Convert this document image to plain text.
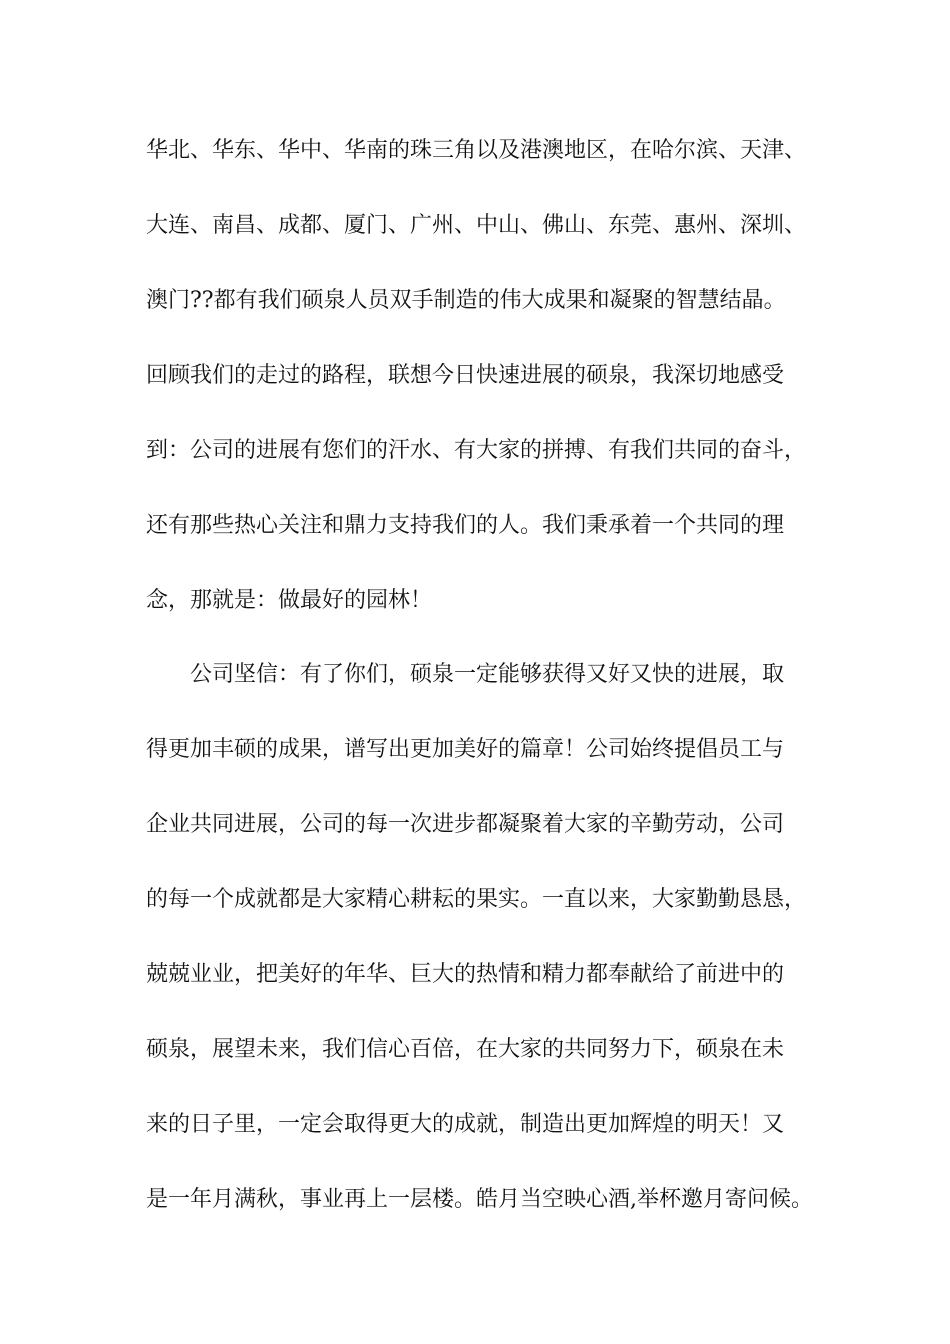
华北、华东、华中、华南的珠三角以及港澳地区，在哈尔滨、天津、
大连、南昌、成都、厦门、广州、中山、佛山、东莞、惠州、深圳、
澳门??都有我们硕泉人员双手制造的伟大成果和凝聚的智慧结晶。
回顾我们的走过的路程，联想今日快速进展的硕泉，我深切地感受
到：公司的进展有您们的汗水、有大家的拼搏、有我们共同的奋斗，
还有那些热心关注和鼎力支持我们的人。我们秉承着一个共同的理
念，那就是：做最好的园林！
公司坚信：有了你们，硕泉一定能够获得又好又快的进展，取
得更加丰硕的成果，谱写出更加美好的篇章！公司始终提倡员工与
企业共同进展，公司的每一次进步都凝聚着大家的辛勤劳动，公司
的每一个成就都是大家精心耕耘的果实。一直以来，大家勤勤恳恳，
兢兢业业，把美好的年华、巨大的热情和精力都奉献给了前进中的
硕泉，展望未来，我们信心百倍，在大家的共同努力下，硕泉在未
来的日子里，一定会取得更大的成就，制造出更加辉煌的明天！又
是一年月满秋，事业再上一层楼。皓月当空映心酒,举杯邀月寄问候。
